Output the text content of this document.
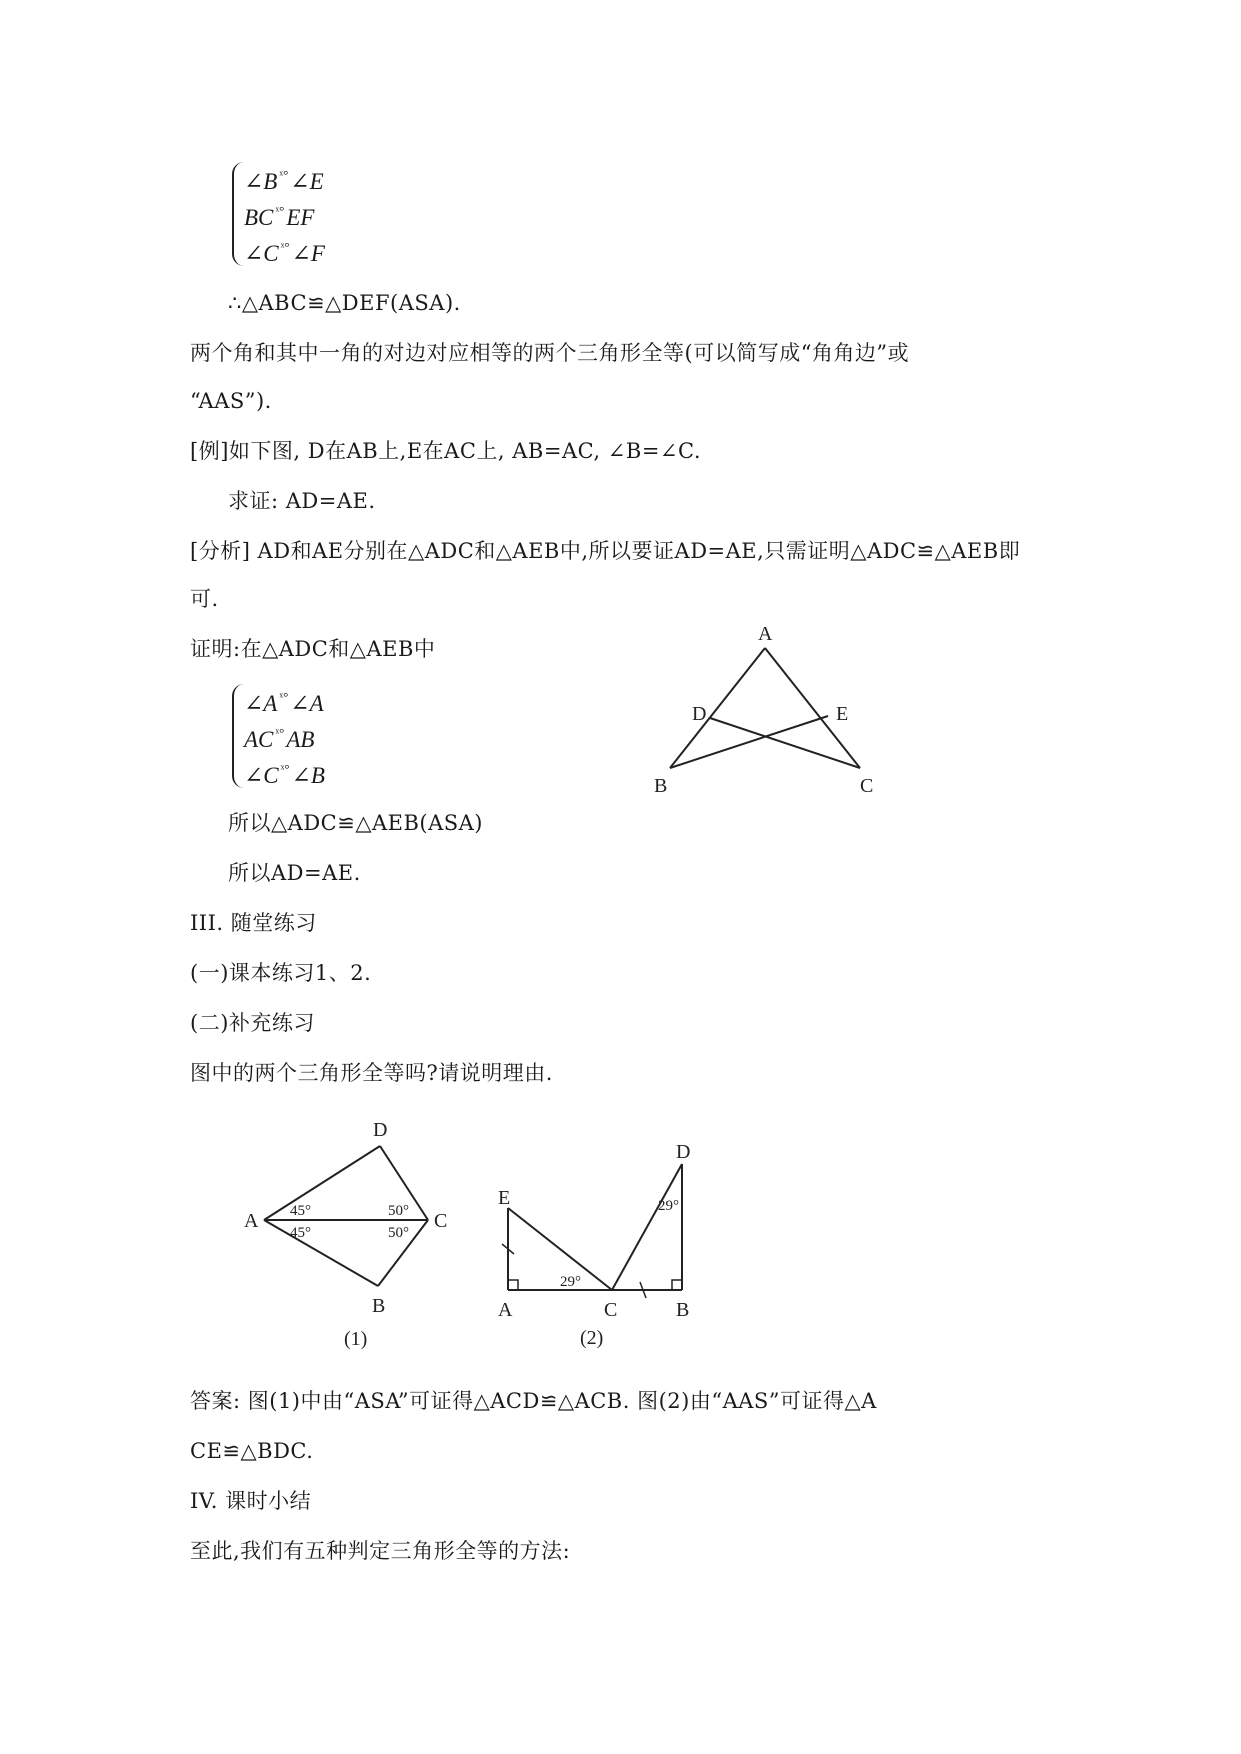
∠B $^{ˣ^\circ}$∠E
BC $^{ˣ^\circ}$EF
∠C $^{ˣ^\circ}$∠F
∴△ABC≌△DEF(ASA).
两个角和其中一角的对边对应相等的两个三角形全等(可以简写成“角角边”或
“AAS”).
[例]如下图, D在AB上,E在AC上, AB=AC, ∠B=∠C.
求证: AD=AE.
[分析] AD和AE分别在△ADC和△AEB中,所以要证AD=AE,只需证明△ADC≌△AEB即
可.
证明:在△ADC和△AEB中
∠A $^{ˣ^\circ}$∠A
AC $^{ˣ^\circ}$AB
∠C $^{ˣ^\circ}$∠B
A
D	E
B	C
所以△ADC≌△AEB(ASA)
所以AD=AE.
III. 随堂练习
(一)课本练习1、2.
(二)补充练习
图中的两个三角形全等吗?请说明理由.
D
A	C
B
45°
45°
50°
50°
(1)
E
D
A	C	B
29°
29°
(2)
答案: 图(1)中由“ASA”可证得△ACD≌△ACB. 图(2)由“AAS”可证得△A
CE≌△BDC.
IV. 课时小结
至此,我们有五种判定三角形全等的方法:
